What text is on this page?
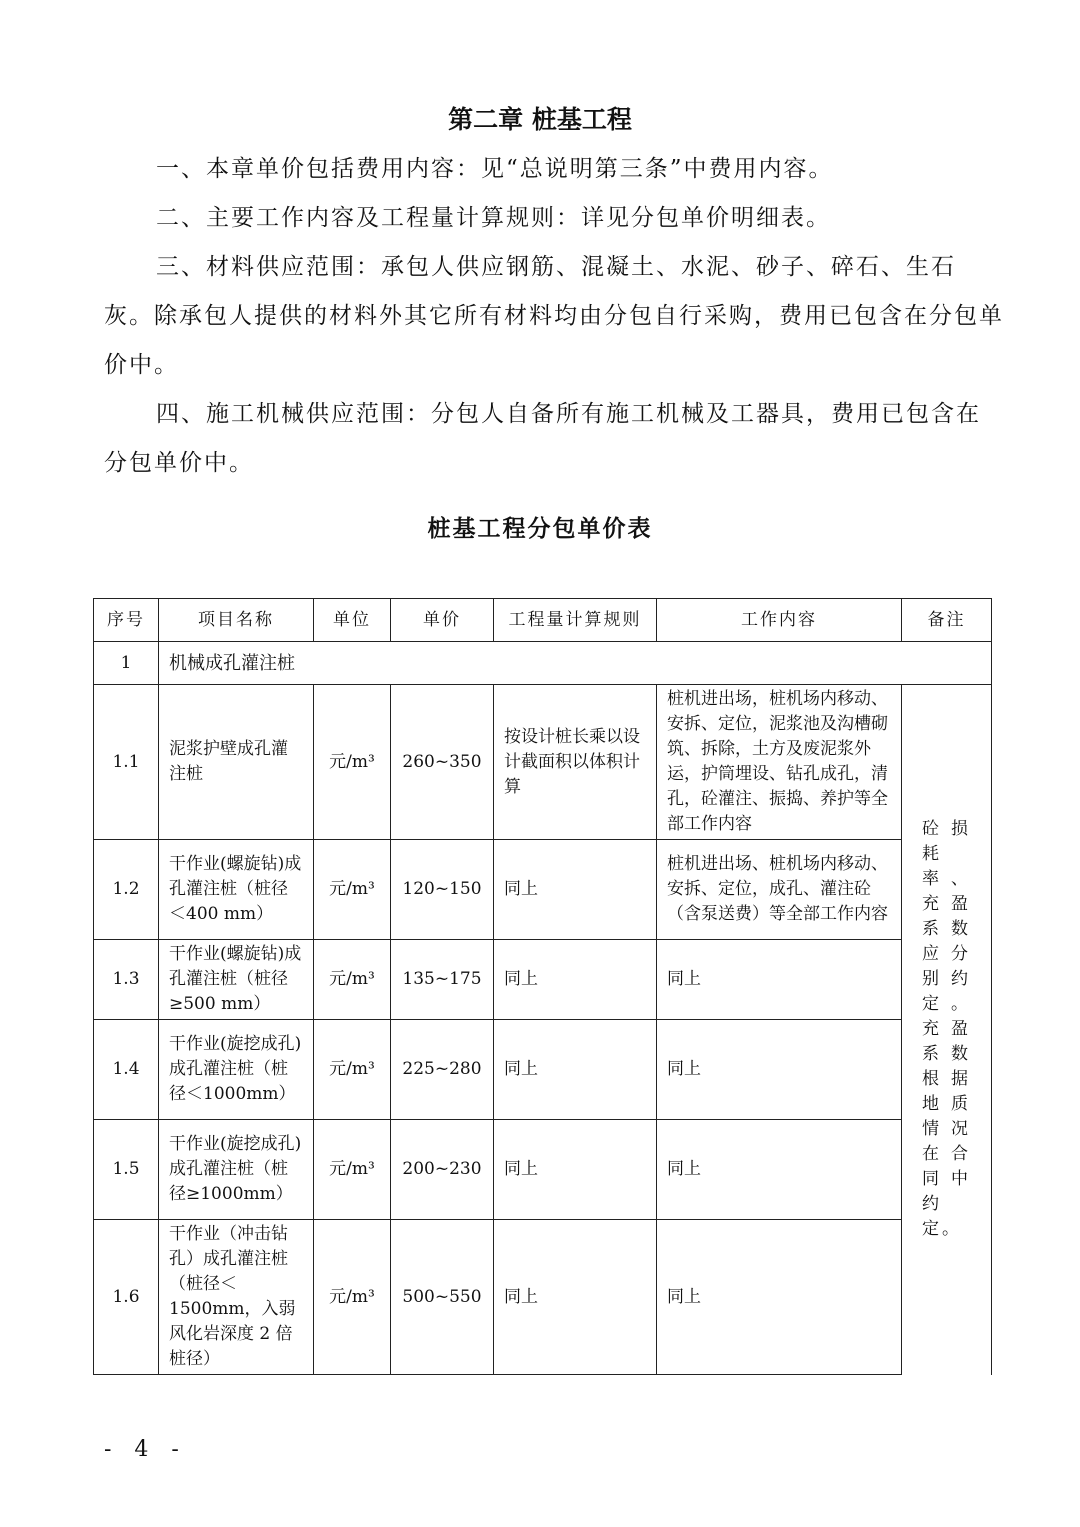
第二章 桩基工程

一、本章单价包括费用内容：见“总说明第三条”中费用内容。

二、主要工作内容及工程量计算规则：详见分包单价明细表。

三、材料供应范围：承包人供应钢筋、混凝土、水泥、砂子、碎石、生石灰。除承包人提供的材料外其它所有材料均由分包自行采购，费用已包含在分包单价中。

四、施工机械供应范围：分包人自备所有施工机械及工器具，费用已包含在分包单价中。

桩基工程分包单价表
序号	项目名称	单位	单价	工程量计算规则	工作内容	备注
1	机械成孔灌注桩					
1.1	泥浆护壁成孔灌注桩	元/m³	260~350	按设计桩长乘以设计截面积以体积计算	桩机进出场，桩机场内移动、安拆、定位，泥浆池及沟槽砌筑、拆除，土方及废泥浆外运，护筒埋设、钻孔成孔，清孔，砼灌注、振捣、养护等全部工作内容	砼损耗率、充盈系数应分别约定。充盈系数根据地质情况在合同中约定。

1.2	干作业(螺旋钻)成孔灌注桩（桩径＜400 mm）	元/m³	120~150	同上	桩机进出场、桩机场内移动、安拆、定位，成孔、灌注砼（含泵送费）等全部工作内容	
1.3	干作业(螺旋钻)成孔灌注桩（桩径≥500 mm）	元/m³	135~175	同上	同上	
1.4	干作业(旋挖成孔)成孔灌注桩（桩径＜1000mm）	元/m³	225~280	同上	同上	
1.5	干作业(旋挖成孔)成孔灌注桩（桩径≥1000mm）	元/m³	200~230	同上	同上	
1.6	干作业（冲击钻孔）成孔灌注桩（桩径＜1500mm，入弱风化岩深度 2 倍桩径）	元/m³	500~550	同上	同上	
- 4 -
